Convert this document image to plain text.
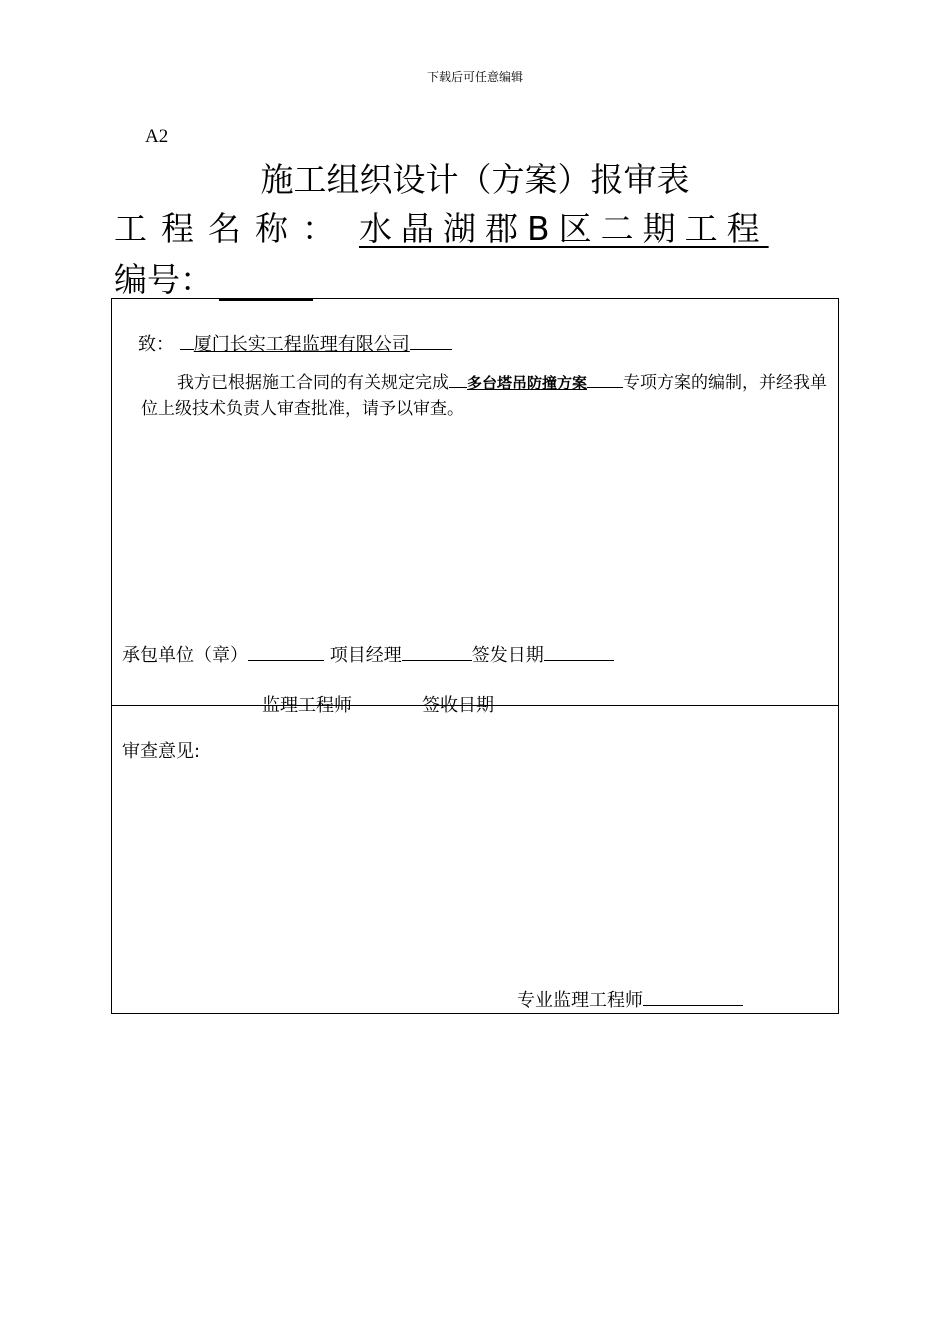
下载后可任意编辑
A2
施工组织设计（方案）报审表
工程名称： 水晶湖郡B区二期工程
编号：
致： 厦门长实工程监理有限公司
我方已根据施工合同的有关规定完成 多台塔吊防撞方案 专项方案的编制，并经我单位上级技术负责人审查批准，请予以审查。
承包单位（章）	项目经理	签发日期
监理工程师	签收日期
审查意见:
专业监理工程师
